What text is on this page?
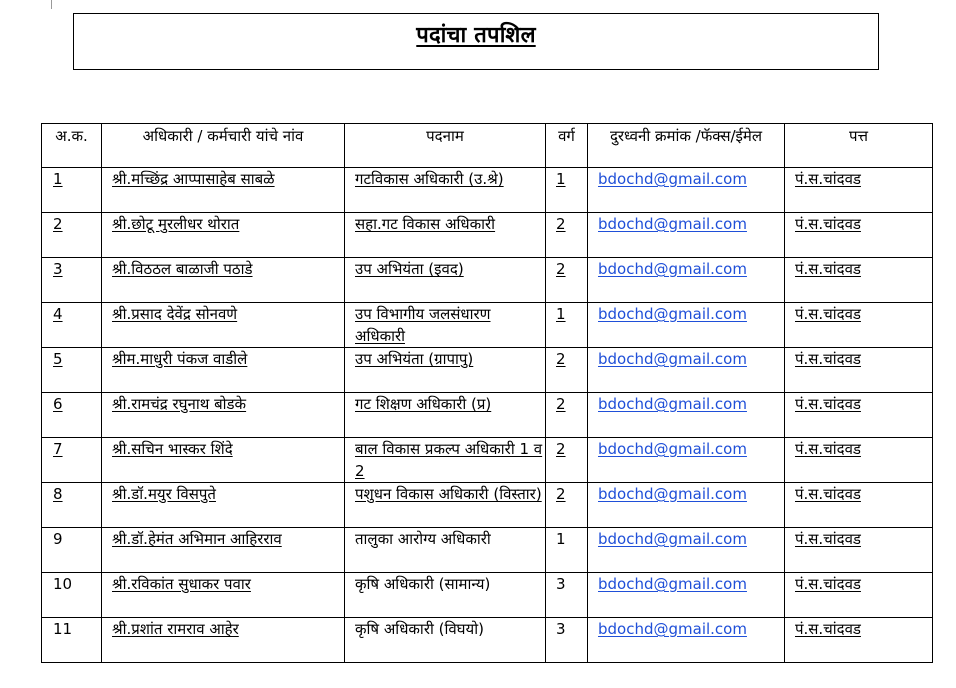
पदांचा तपशिल
अ.क.	अधिकारी / कर्मचारी यांचे नांव	पदनाम	वर्ग	दुरध्वनी क्रमांक /फॅक्स/ईमेल	पत्त
1	श्री.मच्छिंद्र आप्पासाहेब साबळे	गटविकास अधिकारी (उ.श्रे)	1	bdochd@gmail.com	पं.स.चांदवड
2	श्री.छोटू मुरलीधर थोरात	सहा.गट विकास अधिकारी	2	bdochd@gmail.com	पं.स.चांदवड
3	श्री.विठठल बाळाजी पठाडे	उप अभियंता (इवद)	2	bdochd@gmail.com	पं.स.चांदवड
4	श्री.प्रसाद देवेंद्र सोनवणे	उप विभागीय जलसंधारण अधिकारी	1	bdochd@gmail.com	पं.स.चांदवड
5	श्रीम.माधुरी पंकज वाडीले	उप अभियंता (ग्रापापु)	2	bdochd@gmail.com	पं.स.चांदवड
6	श्री.रामचंद्र रघुनाथ बोडके	गट शिक्षण अधिकारी (प्र)	2	bdochd@gmail.com	पं.स.चांदवड
7	श्री.सचिन भास्कर शिंदे	बाल विकास प्रकल्प अधिकारी 1 व 2	2	bdochd@gmail.com	पं.स.चांदवड
8	श्री.डॉ.मयुर विसपुते	पशुधन विकास अधिकारी (विस्तार)	2	bdochd@gmail.com	पं.स.चांदवड
9	श्री.डॉ.हेमंत अभिमान आहिरराव	तालुका आरोग्य अधिकारी	1	bdochd@gmail.com	पं.स.चांदवड
10	श्री.रविकांत सुधाकर पवार	कृषि अधिकारी (सामान्य)	3	bdochd@gmail.com	पं.स.चांदवड
11	श्री.प्रशांत रामराव आहेर	कृषि अधिकारी (विघयो)	3	bdochd@gmail.com	पं.स.चांदवड
